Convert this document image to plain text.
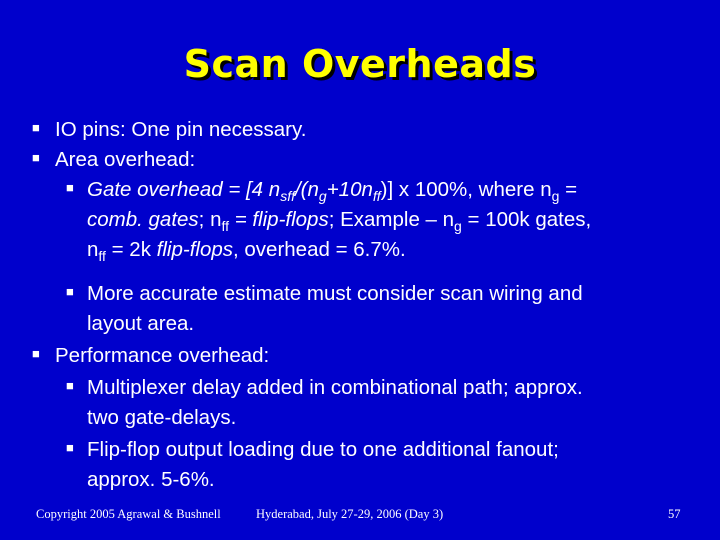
Scan Overheads
■ IO pins: One pin necessary.
■ Area overhead:
■ Gate overhead = [4 $n_{sff}/(n_g+10n_{ff})$] x 100%, where $n_g$ =
comb. gates; $n_{ff}$ = flip-flops; Example – $n_g = 100k$ gates,
$n_{ff} = 2k$ flip-flops, overhead = 6.7%.
■ More accurate estimate must consider scan wiring and
layout area.
■ Performance overhead:
■ Multiplexer delay added in combinational path; approx.
two gate-delays.
■ Flip-flop output loading due to one additional fanout;
approx. 5-6%.
Copyright 2005 Agrawal & Bushnell	Hyderabad, July 27-29, 2006 (Day 3)	57
